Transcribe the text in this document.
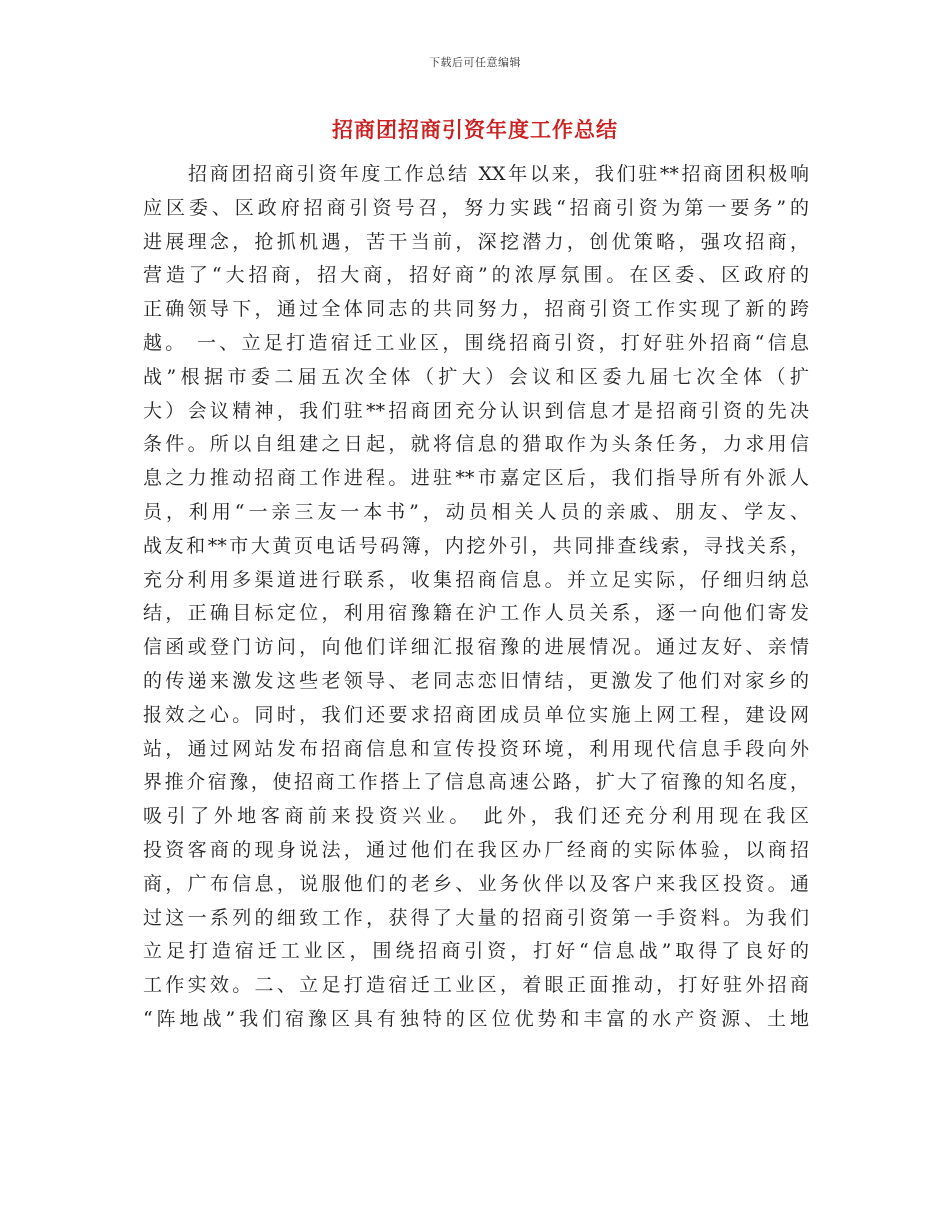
下载后可任意编辑
招商团招商引资年度工作总结
招商团招商引资年度工作总结 XX年以来，我们驻**招商团积极响
应区委、区政府招商引资号召，努力实践“招商引资为第一要务”的
进展理念，抢抓机遇，苦干当前，深挖潜力，创优策略，强攻招商，
营造了“大招商，招大商，招好商”的浓厚氛围。在区委、区政府的
正确领导下，通过全体同志的共同努力，招商引资工作实现了新的跨
越。 一、立足打造宿迁工业区，围绕招商引资，打好驻外招商“信息
战”根据市委二届五次全体（扩大）会议和区委九届七次全体（扩
大）会议精神，我们驻**招商团充分认识到信息才是招商引资的先决
条件。所以自组建之日起，就将信息的猎取作为头条任务，力求用信
息之力推动招商工作进程。进驻**市嘉定区后，我们指导所有外派人
员，利用“一亲三友一本书”，动员相关人员的亲戚、朋友、学友、
战友和**市大黄页电话号码簿，内挖外引，共同排查线索，寻找关系，
充分利用多渠道进行联系，收集招商信息。并立足实际，仔细归纳总
结，正确目标定位，利用宿豫籍在沪工作人员关系，逐一向他们寄发
信函或登门访问，向他们详细汇报宿豫的进展情况。通过友好、亲情
的传递来激发这些老领导、老同志恋旧情结，更激发了他们对家乡的
报效之心。同时，我们还要求招商团成员单位实施上网工程，建设网
站，通过网站发布招商信息和宣传投资环境，利用现代信息手段向外
界推介宿豫，使招商工作搭上了信息高速公路，扩大了宿豫的知名度，
吸引了外地客商前来投资兴业。 此外，我们还充分利用现在我区
投资客商的现身说法，通过他们在我区办厂经商的实际体验，以商招
商，广布信息，说服他们的老乡、业务伙伴以及客户来我区投资。通
过这一系列的细致工作，获得了大量的招商引资第一手资料。为我们
立足打造宿迁工业区，围绕招商引资，打好“信息战”取得了良好的
工作实效。二、立足打造宿迁工业区，着眼正面推动，打好驻外招商
“阵地战”我们宿豫区具有独特的区位优势和丰富的水产资源、土地
